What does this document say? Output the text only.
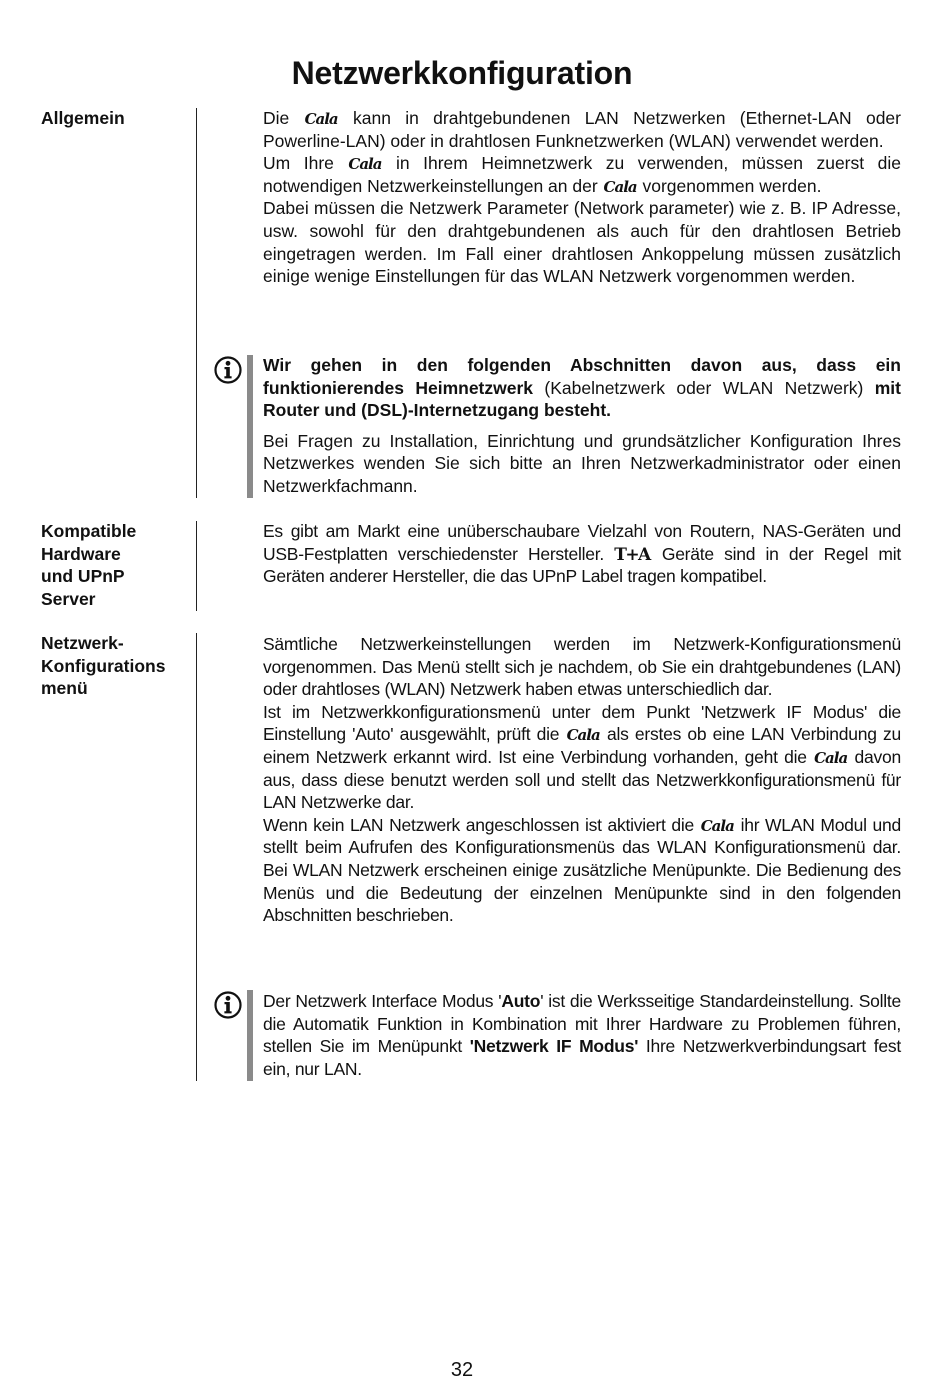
Netzwerkkonfiguration
Allgemein	Die Cala kann in drahtgebundenen LAN Netzwerken (Ethernet-LAN oder Powerline-LAN) oder in drahtlosen Funknetzwerken (WLAN) verwendet werden.

Um Ihre Cala in Ihrem Heimnetzwerk zu verwenden, müssen zuerst die notwendigen Netzwerkeinstellungen an der Cala vorgenommen werden.

Dabei müssen die Netzwerk Parameter (Network parameter) wie z. B. IP Adresse, usw. sowohl für den drahtgebundenen als auch für den drahtlosen Betrieb eingetragen werden. Im Fall einer drahtlosen Ankoppelung müssen zusätzlich einige wenige Einstellungen für das WLAN Netzwerk vorgenommen werden.

Wir gehen in den folgenden Abschnitten davon aus, dass ein funktionierendes Heimnetzwerk (Kabelnetzwerk oder WLAN Netzwerk) mit Router und (DSL)-Internetzugang besteht.

Bei Fragen zu Installation, Einrichtung und grundsätzlicher Konfiguration Ihres Netzwerkes wenden Sie sich bitte an Ihren Netzwerkadministrator oder einen Netzwerkfachmann.

Kompatible
Hardware
und UPnP
Server

Es gibt am Markt eine unüberschaubare Vielzahl von Routern, NAS-Geräten und USB-Festplatten verschiedenster Hersteller. T+A Geräte sind in der Regel mit Geräten anderer Hersteller, die das UPnP Label tragen kompatibel.

Netzwerk-
Konfigurations
menü

Sämtliche Netzwerkeinstellungen werden im Netzwerk-Konfigurationsmenü vorgenommen. Das Menü stellt sich je nachdem, ob Sie ein drahtgebundenes (LAN) oder drahtloses (WLAN) Netzwerk haben etwas unterschiedlich dar.

Ist im Netzwerkkonfigurationsmenü unter dem Punkt 'Netzwerk IF Modus' die Einstellung 'Auto' ausgewählt, prüft die Cala als erstes ob eine LAN Verbindung zu einem Netzwerk erkannt wird. Ist eine Verbindung vorhanden, geht die Cala davon aus, dass diese benutzt werden soll und stellt das Netzwerkkonfigurationsmenü für LAN Netzwerke dar.

Wenn kein LAN Netzwerk angeschlossen ist aktiviert die Cala ihr WLAN Modul und stellt beim Aufrufen des Konfigurationsmenüs das WLAN Konfigurationsmenü dar. Bei WLAN Netzwerk erscheinen einige zusätzliche Menüpunkte. Die Bedienung des Menüs und die Bedeutung der einzelnen Menüpunkte sind in den folgenden Abschnitten beschrieben.

Der Netzwerk Interface Modus 'Auto' ist die Werksseitige Standardeinstellung. Sollte die Automatik Funktion in Kombination mit Ihrer Hardware zu Problemen führen, stellen Sie im Menüpunkt 'Netzwerk IF Modus' Ihre Netzwerkverbindungsart fest ein, nur LAN.

32
